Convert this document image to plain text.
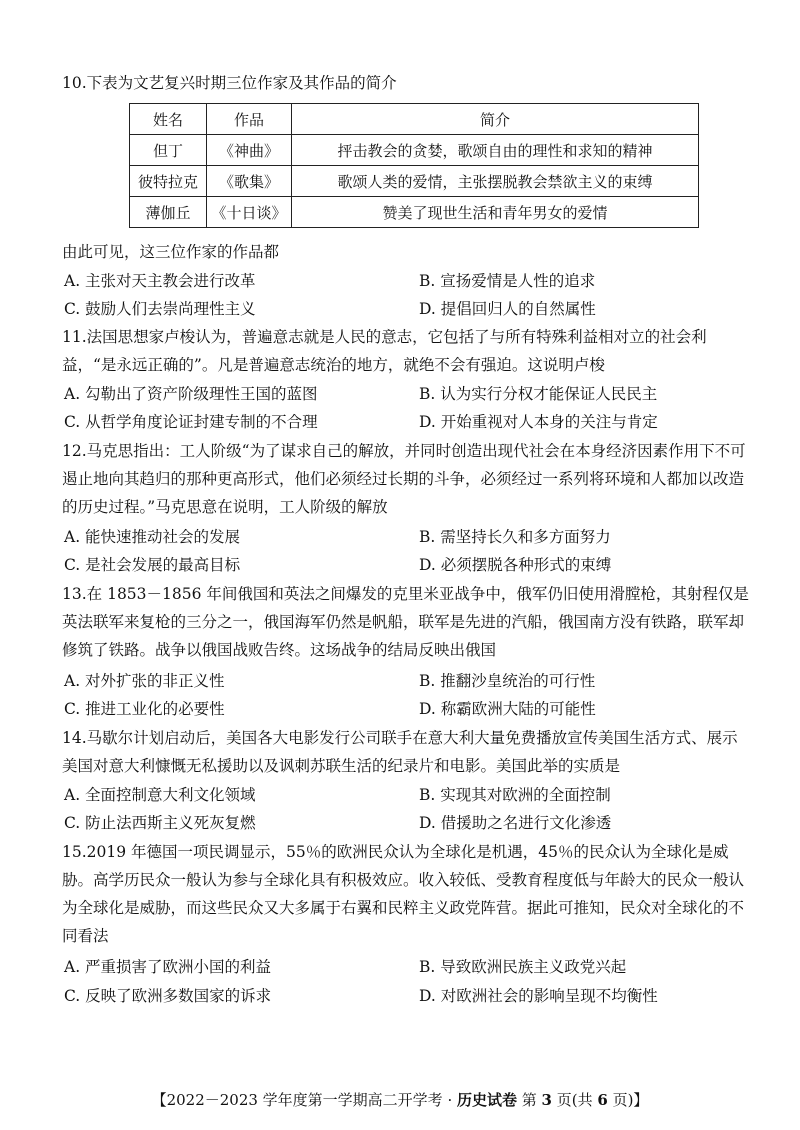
10.下表为文艺复兴时期三位作家及其作品的简介

姓名	作品	简介
但丁	《神曲》	抨击教会的贪婪，歌颂自由的理性和求知的精神
彼特拉克	《歌集》	歌颂人类的爱情，主张摆脱教会禁欲主义的束缚
薄伽丘	《十日谈》	赞美了现世生活和青年男女的爱情

由此可见，这三位作家的作品都

A. 主张对天主教会进行改革	B. 宣扬爱情是人性的追求
C. 鼓励人们去崇尚理性主义	D. 提倡回归人的自然属性

11.法国思想家卢梭认为，普遍意志就是人民的意志，它包括了与所有特殊利益相对立的社会利益，“是永远正确的”。凡是普遍意志统治的地方，就绝不会有强迫。这说明卢梭

A. 勾勒出了资产阶级理性王国的蓝图	B. 认为实行分权才能保证人民民主
C. 从哲学角度论证封建专制的不合理	D. 开始重视对人本身的关注与肯定

12.马克思指出：工人阶级“为了谋求自己的解放，并同时创造出现代社会在本身经济因素作用下不可遏止地向其趋归的那种更高形式，他们必须经过长期的斗争，必须经过一系列将环境和人都加以改造的历史过程。”马克思意在说明，工人阶级的解放

A. 能快速推动社会的发展	B. 需坚持长久和多方面努力
C. 是社会发展的最高目标	D. 必须摆脱各种形式的束缚

13.在 1853－1856 年间俄国和英法之间爆发的克里米亚战争中，俄军仍旧使用滑膛枪，其射程仅是英法联军来复枪的三分之一，俄国海军仍然是帆船，联军是先进的汽船，俄国南方没有铁路，联军却修筑了铁路。战争以俄国战败告终。这场战争的结局反映出俄国

A. 对外扩张的非正义性	B. 推翻沙皇统治的可行性
C. 推进工业化的必要性	D. 称霸欧洲大陆的可能性

14.马歇尔计划启动后，美国各大电影发行公司联手在意大利大量免费播放宣传美国生活方式、展示美国对意大利慷慨无私援助以及讽刺苏联生活的纪录片和电影。美国此举的实质是

A. 全面控制意大利文化领域	B. 实现其对欧洲的全面控制
C. 防止法西斯主义死灰复燃	D. 借援助之名进行文化渗透

15.2019 年德国一项民调显示，55％的欧洲民众认为全球化是机遇，45％的民众认为全球化是威胁。高学历民众一般认为参与全球化具有积极效应。收入较低、受教育程度低与年龄大的民众一般认为全球化是威胁，而这些民众又大多属于右翼和民粹主义政党阵营。据此可推知，民众对全球化的不同看法

A. 严重损害了欧洲小国的利益	B. 导致欧洲民族主义政党兴起
C. 反映了欧洲多数国家的诉求	D. 对欧洲社会的影响呈现不均衡性
【2022－2023 学年度第一学期高二开学考 · 历史试卷 第 3 页(共 6 页)】
